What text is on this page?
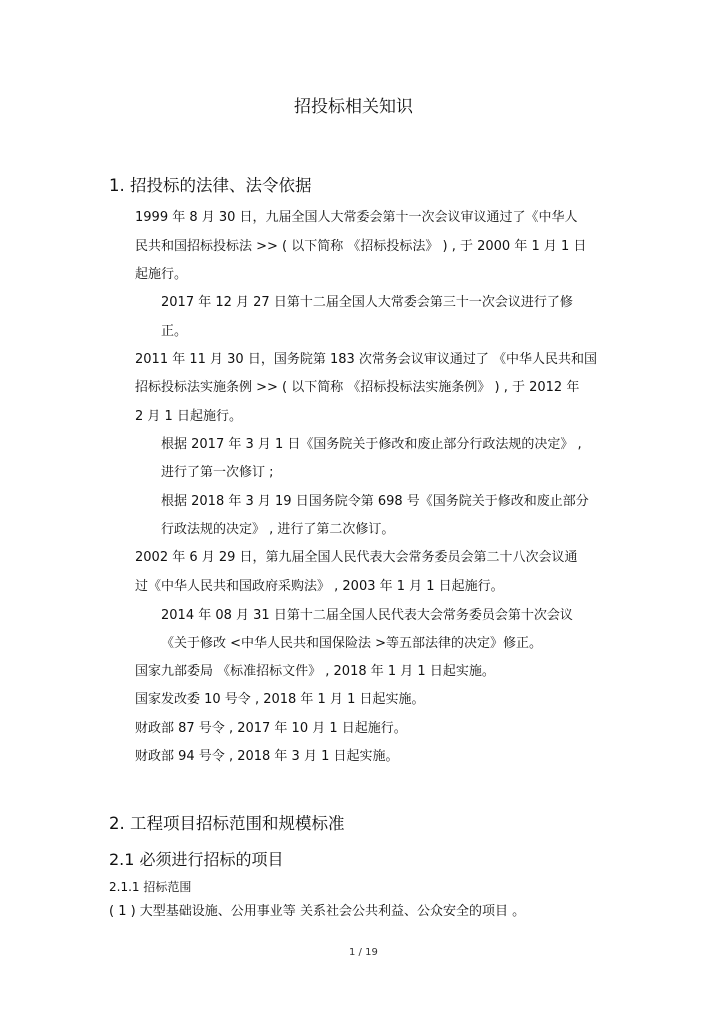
招投标相关知识
1. 招投标的法律、法令依据
1999 年 8 月 30 日，九届全国人大常委会第十一次会议审议通过了《中华人
民共和国招标投标法 >> ( 以下简称 《招标投标法》 ) , 于 2000 年 1 月 1 日
起施行。
2017 年 12 月 27 日第十二届全国人大常委会第三十一次会议进行了修
正。
2011 年 11 月 30 日，国务院第 183 次常务会议审议通过了 《中华人民共和国
招标投标法实施条例 >> ( 以下简称 《招标投标法实施条例》 ) , 于 2012 年
2 月 1 日起施行。
根据 2017 年 3 月 1 日《国务院关于修改和废止部分行政法规的决定》 ,
进行了第一次修订 ;
根据 2018 年 3 月 19 日国务院令第 698 号《国务院关于修改和废止部分
行政法规的决定》 , 进行了第二次修订。
2002 年 6 月 29 日，第九届全国人民代表大会常务委员会第二十八次会议通
过《中华人民共和国政府采购法》 , 2003 年 1 月 1 日起施行。
2014 年 08 月 31 日第十二届全国人民代表大会常务委员会第十次会议
《关于修改 <中华人民共和国保险法 >等五部法律的决定》修正。
国家九部委局 《标准招标文件》 , 2018 年 1 月 1 日起实施。
国家发改委 10 号令 , 2018 年 1 月 1 日起实施。
财政部 87 号令 , 2017 年 10 月 1 日起施行。
财政部 94 号令 , 2018 年 3 月 1 日起实施。
2. 工程项目招标范围和规模标准
2.1 必须进行招标的项目
2.1.1 招标范围
( 1 ) 大型基础设施、公用事业等 关系社会公共利益、公众安全的项目 。
1 / 19
